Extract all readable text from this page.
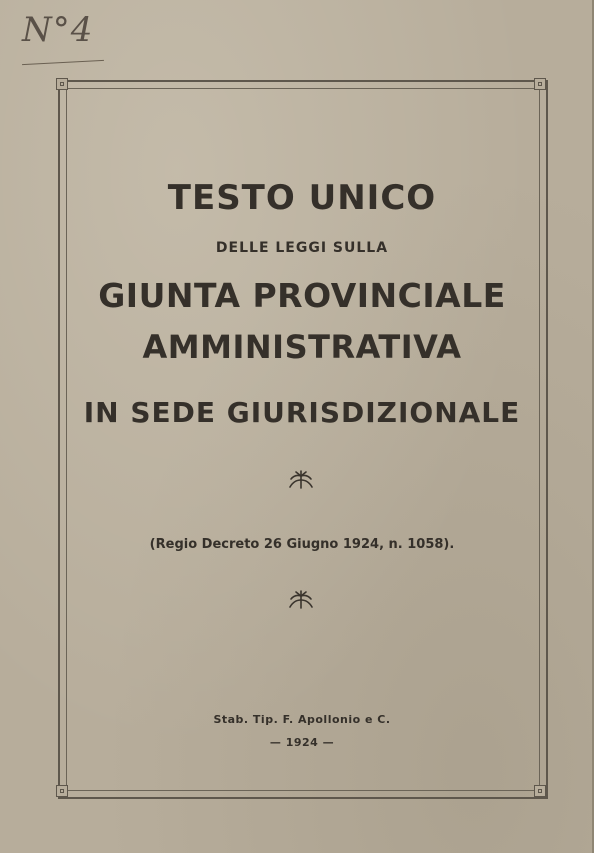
N°4

TESTO UNICO

DELLE LEGGI SULLA

GIUNTA PROVINCIALE

AMMINISTRATIVA

IN SEDE GIURISDIZIONALE

(Regio Decreto 26 Giugno 1924, n. 1058).

Stab. Tip. F. Apollonio e C.

— 1924 —
